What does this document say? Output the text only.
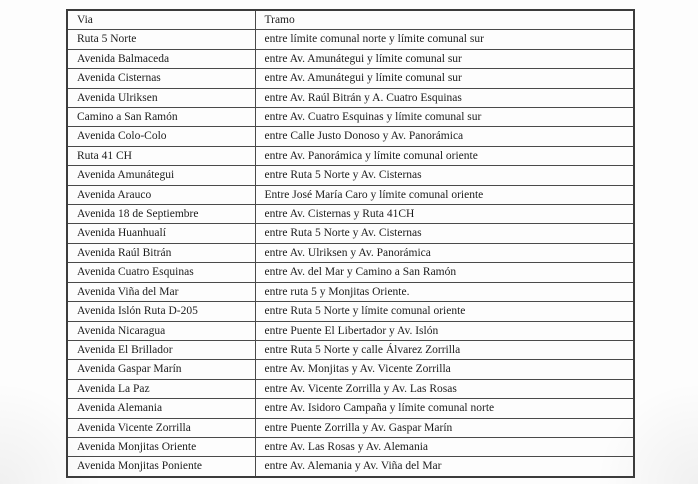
Via	Tramo
Ruta 5 Norte	entre límite comunal norte y límite comunal sur
Avenida Balmaceda	entre Av. Amunátegui y límite comunal sur
Avenida Cisternas	entre Av. Amunátegui y límite comunal sur
Avenida Ulriksen	entre Av. Raúl Bitrán y A. Cuatro Esquinas
Camino a San Ramón	entre Av. Cuatro Esquinas y límite comunal sur
Avenida Colo-Colo	entre Calle Justo Donoso y Av. Panorámica
Ruta 41 CH	entre Av. Panorámica y límite comunal oriente
Avenida Amunátegui	entre Ruta 5 Norte y Av. Cisternas
Avenida Arauco	Entre José María Caro y límite comunal oriente
Avenida 18 de Septiembre	entre Av. Cisternas y Ruta 41CH
Avenida Huanhualí	entre Ruta 5 Norte y Av. Cisternas
Avenida Raúl Bitrán	entre Av. Ulriksen y Av. Panorámica
Avenida Cuatro Esquinas	entre Av. del Mar y Camino a San Ramón
Avenida Viña del Mar	entre ruta 5 y Monjitas Oriente.
Avenida Islón Ruta D-205	entre Ruta 5 Norte y límite comunal oriente
Avenida Nicaragua	entre Puente El Libertador y Av. Islón
Avenida El Brillador	entre Ruta 5 Norte y calle Álvarez Zorrilla
Avenida Gaspar Marín	entre Av. Monjitas y Av. Vicente Zorrilla
Avenida La Paz	entre Av. Vicente Zorrilla y Av. Las Rosas
Avenida Alemania	entre Av. Isidoro Campaña y límite comunal norte
Avenida Vicente Zorrilla	entre Puente Zorrilla y Av. Gaspar Marín
Avenida Monjitas Oriente	entre Av. Las Rosas y Av. Alemania
Avenida Monjitas Poniente	entre Av. Alemania y Av. Viña del Mar
